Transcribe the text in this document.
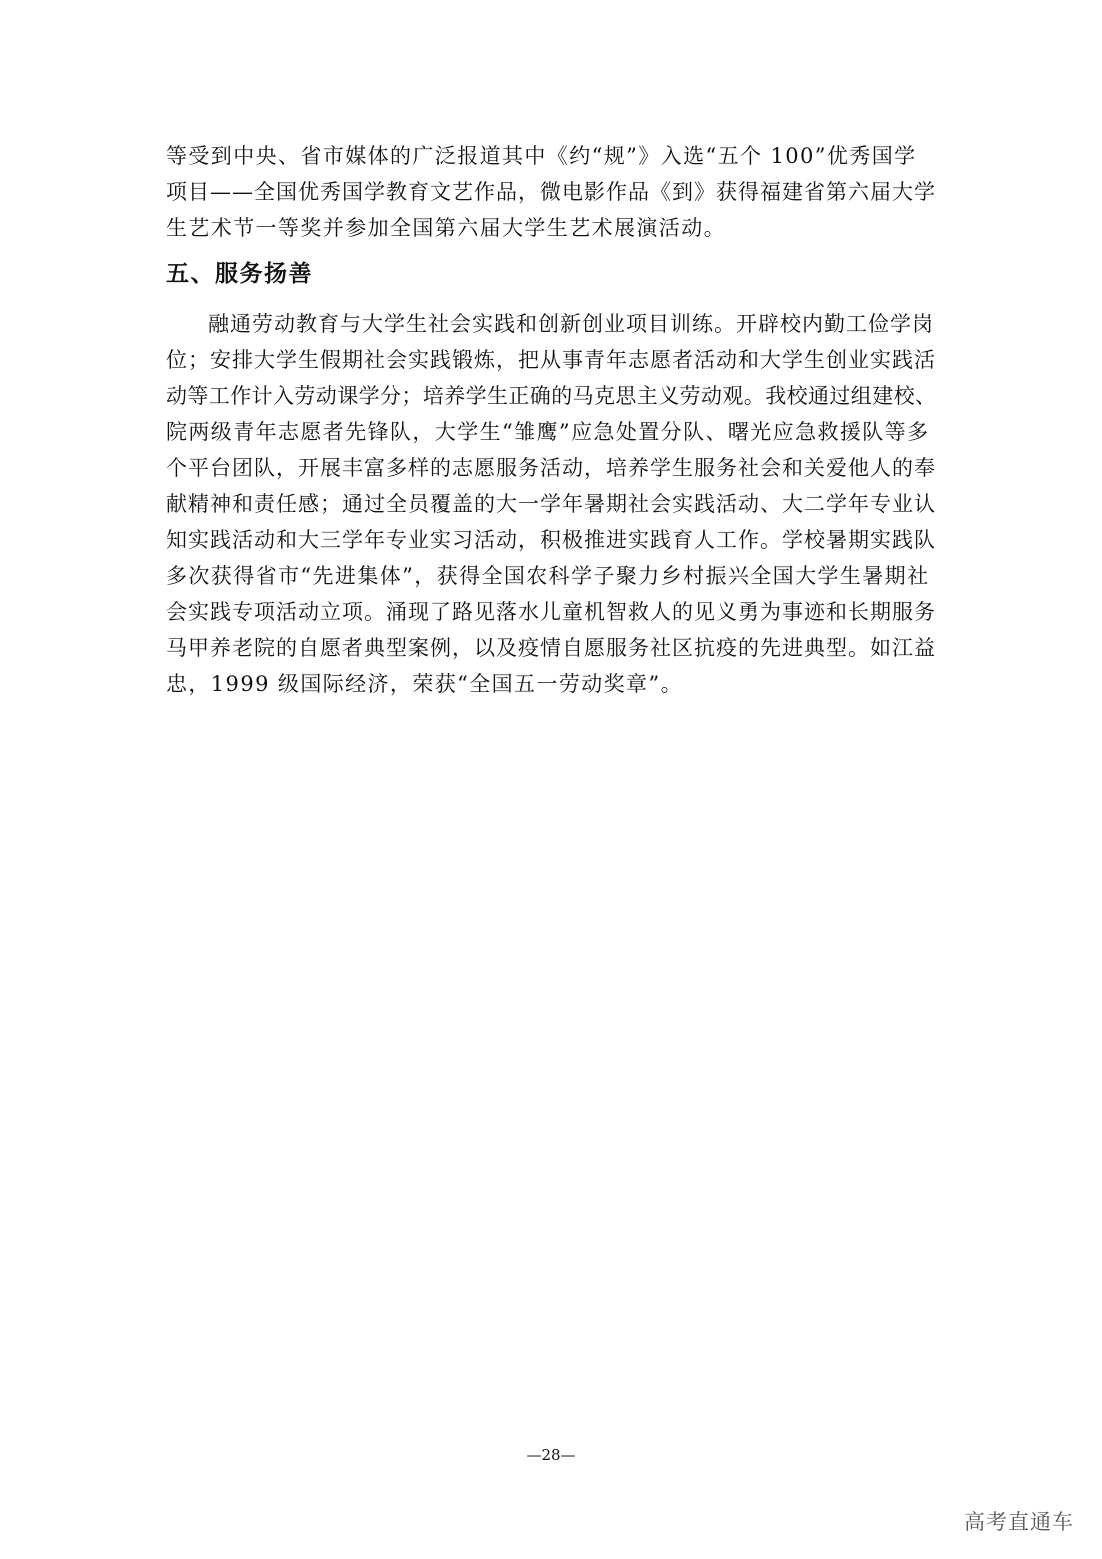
等受到中央、省市媒体的广泛报道其中《约“规”》入选“五个 100”优秀国学
项目——全国优秀国学教育文艺作品，微电影作品《到》获得福建省第六届大学
生艺术节一等奖并参加全国第六届大学生艺术展演活动。
五、服务扬善
融通劳动教育与大学生社会实践和创新创业项目训练。开辟校内勤工俭学岗
位；安排大学生假期社会实践锻炼，把从事青年志愿者活动和大学生创业实践活
动等工作计入劳动课学分；培养学生正确的马克思主义劳动观。我校通过组建校、
院两级青年志愿者先锋队，大学生“雏鹰”应急处置分队、曙光应急救援队等多
个平台团队，开展丰富多样的志愿服务活动，培养学生服务社会和关爱他人的奉
献精神和责任感；通过全员覆盖的大一学年暑期社会实践活动、大二学年专业认
知实践活动和大三学年专业实习活动，积极推进实践育人工作。学校暑期实践队
多次获得省市“先进集体”，获得全国农科学子聚力乡村振兴全国大学生暑期社
会实践专项活动立项。涌现了路见落水儿童机智救人的见义勇为事迹和长期服务
马甲养老院的自愿者典型案例，以及疫情自愿服务社区抗疫的先进典型。如江益
忠，1999 级国际经济，荣获“全国五一劳动奖章”。
—28—
高考直通车
